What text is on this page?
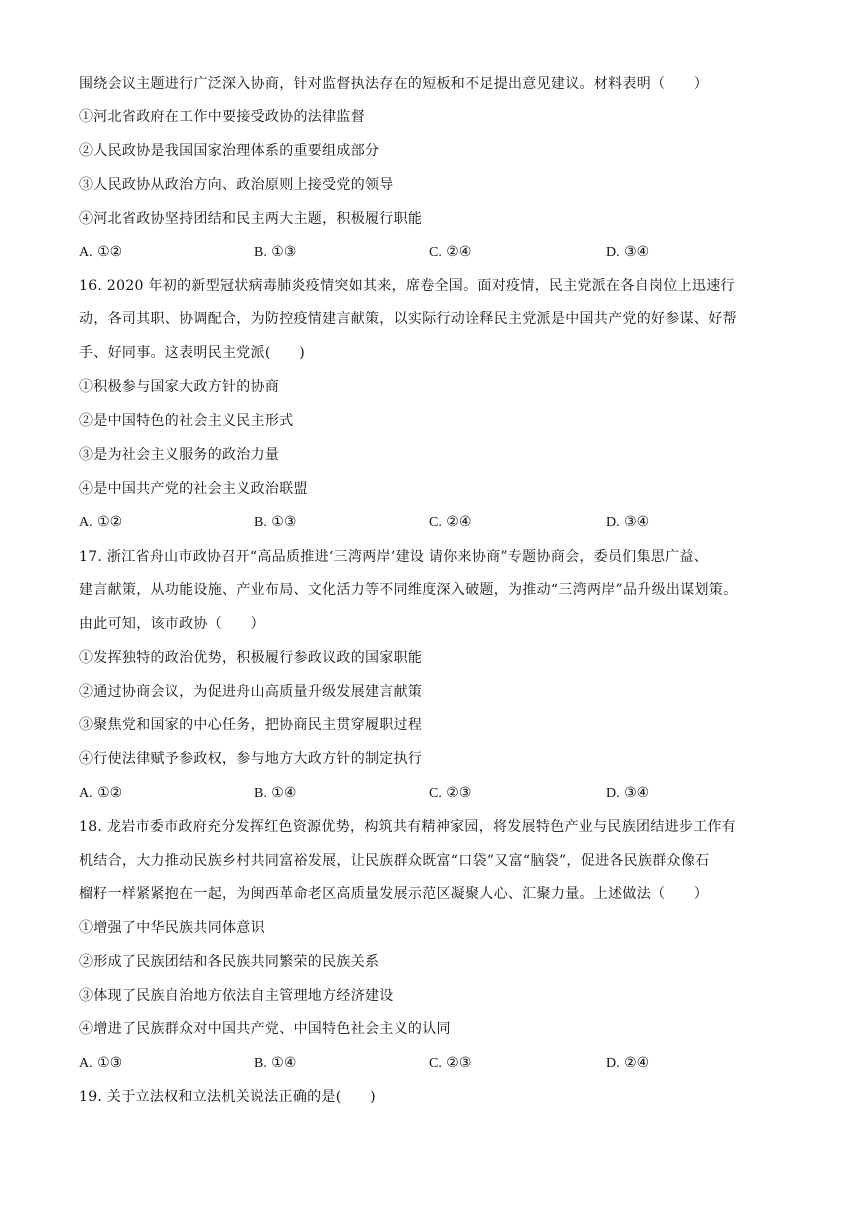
围绕会议主题进行广泛深入协商，针对监督执法存在的短板和不足提出意见建议。材料表明（　　）
①河北省政府在工作中要接受政协的法律监督
②人民政协是我国国家治理体系的重要组成部分
③人民政协从政治方向、政治原则上接受党的领导
④河北省政协坚持团结和民主两大主题，积极履行职能
A. ①②	B. ①③	C. ②④	D. ③④
16. 2020 年初的新型冠状病毒肺炎疫情突如其来，席卷全国。面对疫情，民主党派在各自岗位上迅速行
动，各司其职、协调配合，为防控疫情建言献策，以实际行动诠释民主党派是中国共产党的好参谋、好帮
手、好同事。这表明民主党派(　　)
①积极参与国家大政方针的协商
②是中国特色的社会主义民主形式
③是为社会主义服务的政治力量
④是中国共产党的社会主义政治联盟
A. ①②	B. ①③	C. ②④	D. ③④
17. 浙江省舟山市政协召开“高品质推进‘三湾两岸’建设 请你来协商”专题协商会，委员们集思广益、
建言献策，从功能设施、产业布局、文化活力等不同维度深入破题，为推动“三湾两岸”品升级出谋划策。
由此可知，该市政协（　　）
①发挥独特的政治优势，积极履行参政议政的国家职能
②通过协商会议，为促进舟山高质量升级发展建言献策
③聚焦党和国家的中心任务，把协商民主贯穿履职过程
④行使法律赋予参政权，参与地方大政方针的制定执行
A. ①②	B. ①④	C. ②③	D. ③④
18. 龙岩市委市政府充分发挥红色资源优势，构筑共有精神家园，将发展特色产业与民族团结进步工作有
机结合，大力推动民族乡村共同富裕发展，让民族群众既富“口袋”又富“脑袋”，促进各民族群众像石
榴籽一样紧紧抱在一起，为闽西革命老区高质量发展示范区凝聚人心、汇聚力量。上述做法（　　）
①增强了中华民族共同体意识
②形成了民族团结和各民族共同繁荣的民族关系
③体现了民族自治地方依法自主管理地方经济建设
④增进了民族群众对中国共产党、中国特色社会主义的认同
A. ①③	B. ①④	C. ②③	D. ②④
19. 关于立法权和立法机关说法正确的是(　　)
